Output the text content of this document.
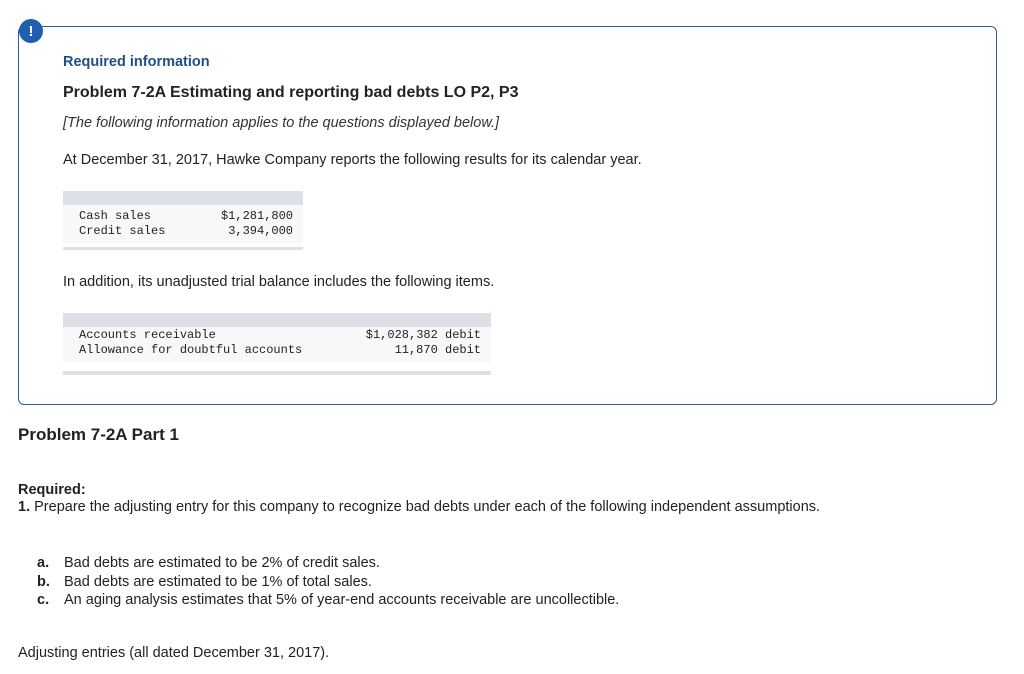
!
Required information
Problem 7-2A Estimating and reporting bad debts LO P2, P3
[The following information applies to the questions displayed below.]
At December 31, 2017, Hawke Company reports the following results for its calendar year.
Cash sales	$1,281,800
Credit sales	3,394,000
In addition, its unadjusted trial balance includes the following items.
Accounts receivable	$1,028,382 debit
Allowance for doubtful accounts	11,870 debit
Problem 7-2A Part 1
Required:
1. Prepare the adjusting entry for this company to recognize bad debts under each of the following independent assumptions.
a.	Bad debts are estimated to be 2% of credit sales.
b. Bad debts are estimated to be 1% of total sales.
c.	An aging analysis estimates that 5% of year-end accounts receivable are uncollectible.
Adjusting entries (all dated December 31, 2017).
